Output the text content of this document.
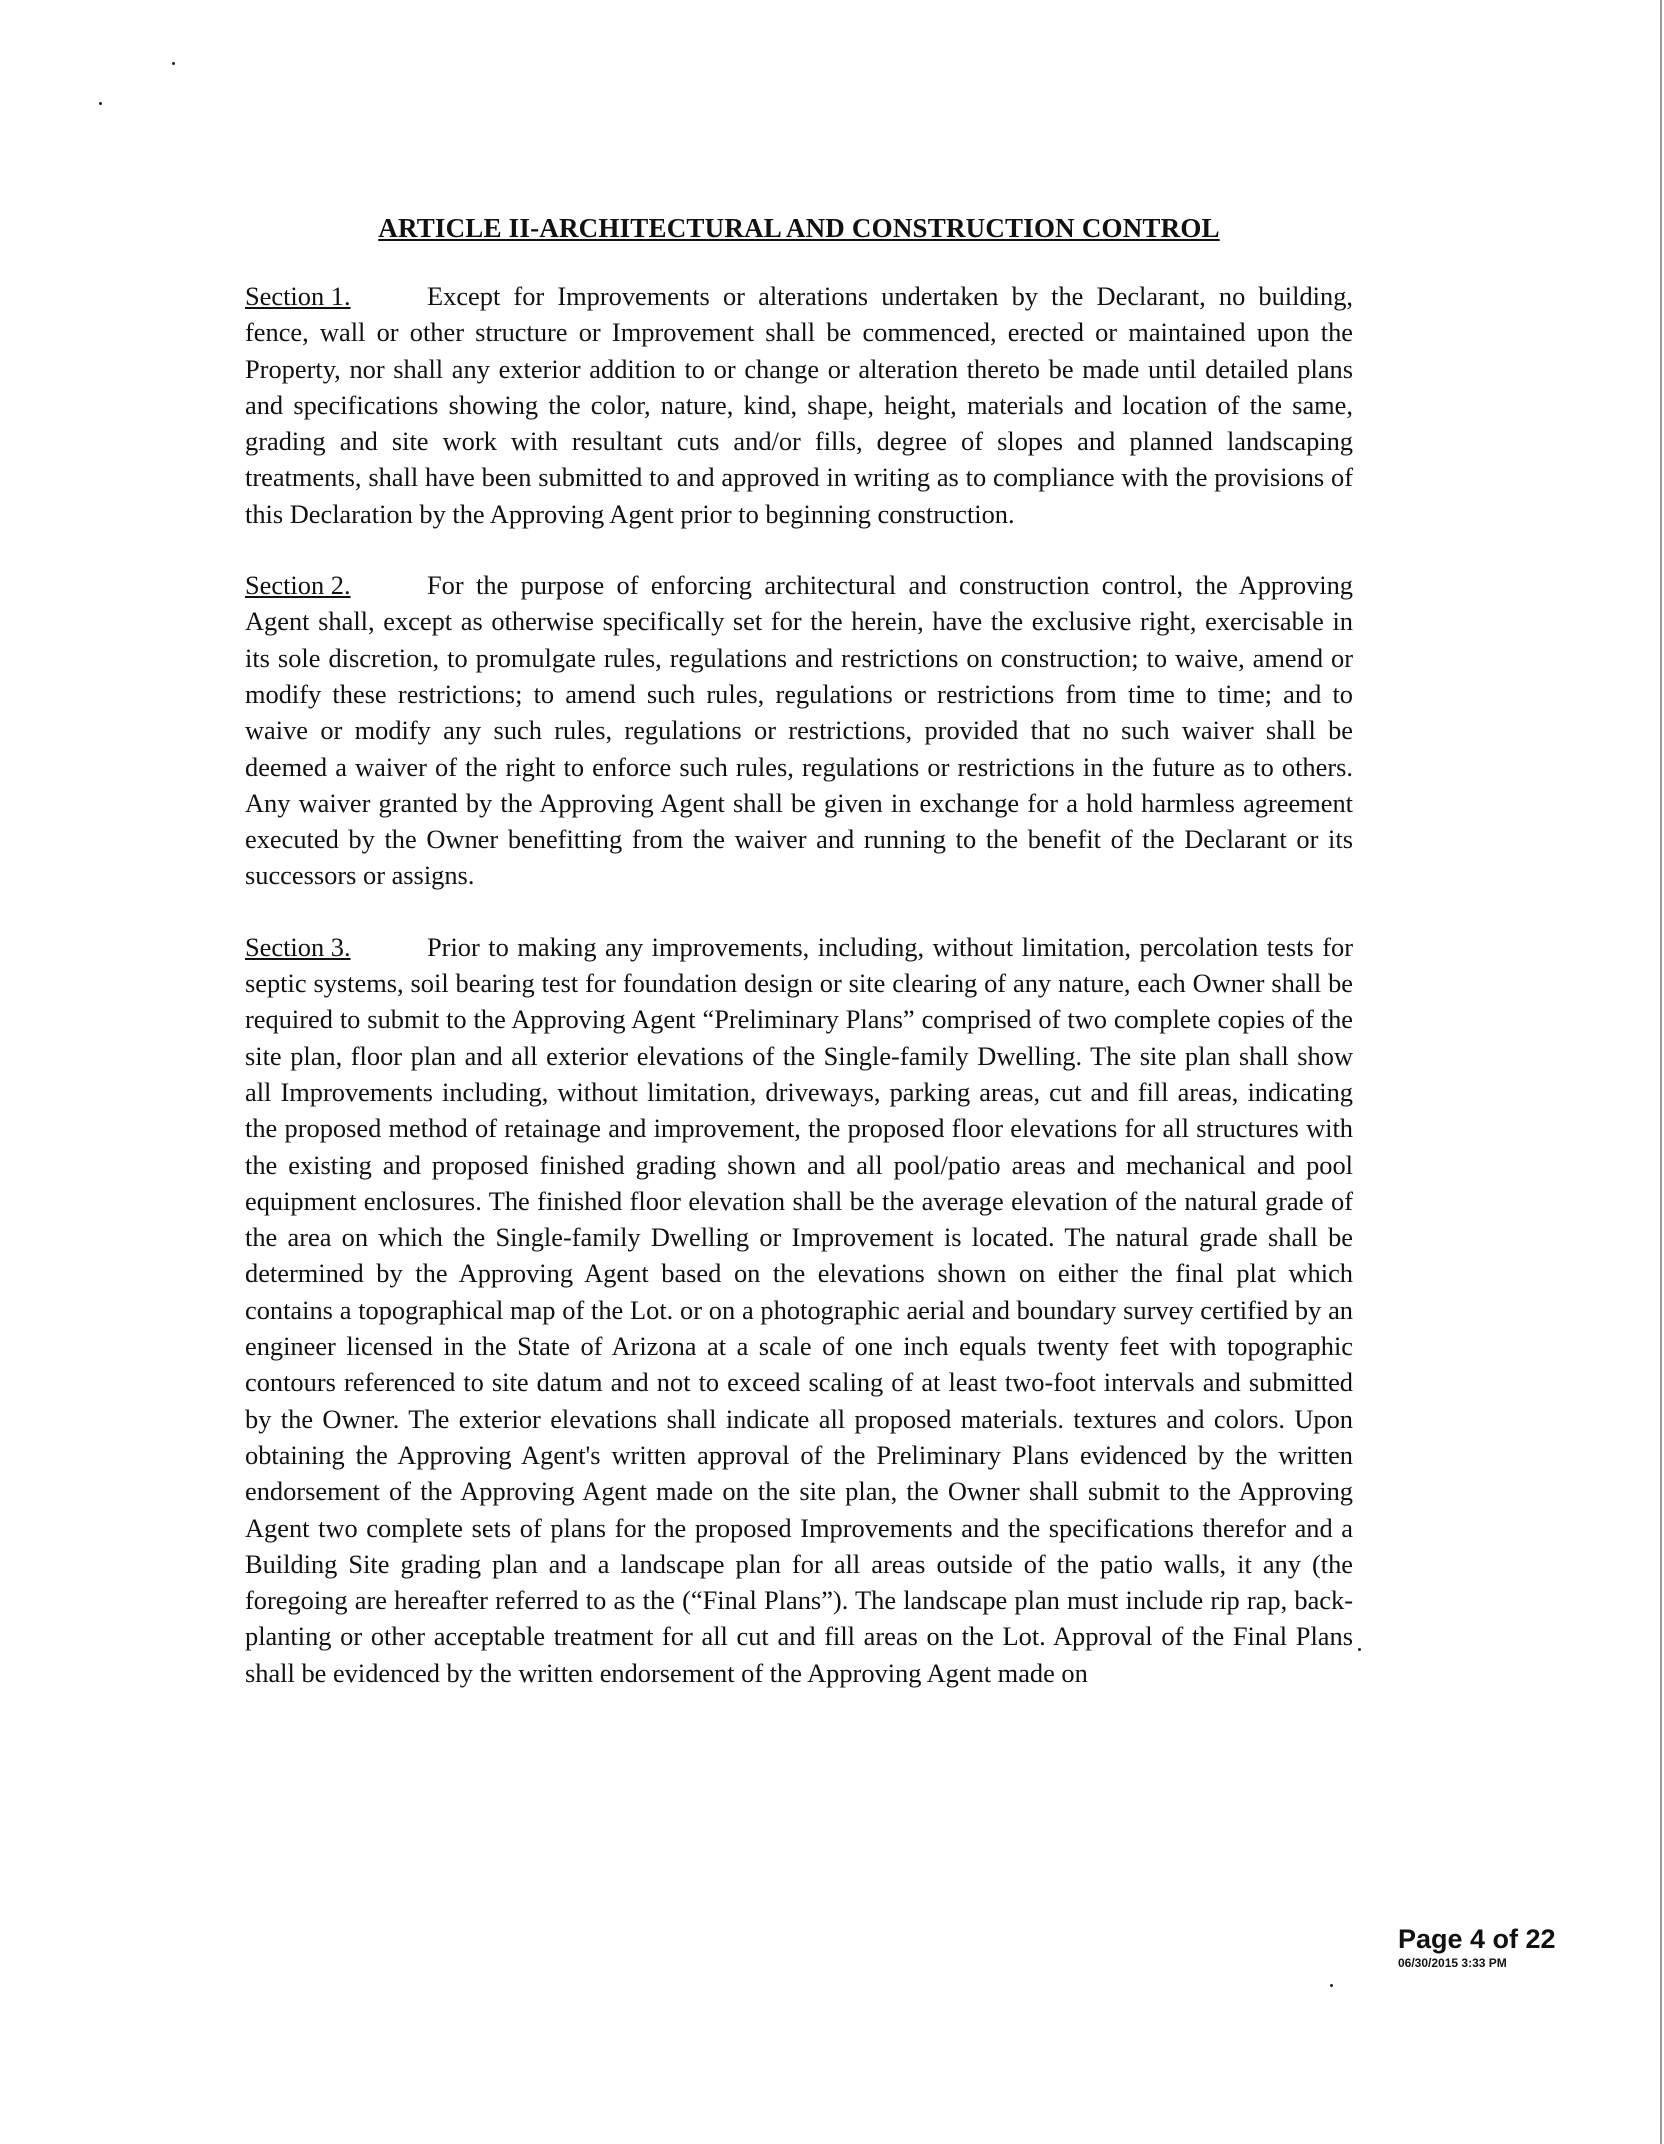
ARTICLE II-ARCHITECTURAL AND CONSTRUCTION CONTROL

Section 1.	Except for Improvements or alterations undertaken by the Declarant, no building, fence, wall or other structure or Improvement shall be commenced, erected or maintained upon the Property, nor shall any exterior addition to or change or alteration thereto be made until detailed plans and specifications showing the color, nature, kind, shape, height, materials and location of the same, grading and site work with resultant cuts and/or fills, degree of slopes and planned landscaping treatments, shall have been submitted to and approved in writing as to compliance with the provisions of this Declaration by the Approving Agent prior to beginning construction.

Section 2.	For the purpose of enforcing architectural and construction control, the Approving Agent shall, except as otherwise specifically set for the herein, have the exclusive right, exercisable in its sole discretion, to promulgate rules, regulations and restrictions on construction; to waive, amend or modify these restrictions; to amend such rules, regulations or restrictions from time to time; and to waive or modify any such rules, regulations or restrictions, provided that no such waiver shall be deemed a waiver of the right to enforce such rules, regulations or restrictions in the future as to others. Any waiver granted by the Approving Agent shall be given in exchange for a hold harmless agreement executed by the Owner benefitting from the waiver and running to the benefit of the Declarant or its successors or assigns.

Section 3.	Prior to making any improvements, including, without limitation, percolation tests for septic systems, soil bearing test for foundation design or site clearing of any nature, each Owner shall be required to submit to the Approving Agent “Preliminary Plans” comprised of two complete copies of the site plan, floor plan and all exterior elevations of the Single-family Dwelling. The site plan shall show all Improvements including, without limitation, driveways, parking areas, cut and fill areas, indicating the proposed method of retainage and improvement, the proposed floor elevations for all structures with the existing and proposed finished grading shown and all pool/patio areas and mechanical and pool equipment enclosures. The finished floor elevation shall be the average elevation of the natural grade of the area on which the Single-family Dwelling or Improvement is located. The natural grade shall be determined by the Approving Agent based on the elevations shown on either the final plat which contains a topographical map of the Lot. or on a photographic aerial and boundary survey certified by an engineer licensed in the State of Arizona at a scale of one inch equals twenty feet with topographic contours referenced to site datum and not to exceed scaling of at least two-foot intervals and submitted by the Owner. The exterior elevations shall indicate all proposed materials. textures and colors. Upon obtaining the Approving Agent's written approval of the Preliminary Plans evidenced by the written endorsement of the Approving Agent made on the site plan, the Owner shall submit to the Approving Agent two complete sets of plans for the proposed Improvements and the specifications therefor and a Building Site grading plan and a landscape plan for all areas outside of the patio walls, it any (the foregoing are hereafter referred to as the (“Final Plans”). The landscape plan must include rip rap, back-planting or other acceptable treatment for all cut and fill areas on the Lot. Approval of the Final Plans shall be evidenced by the written endorsement of the Approving Agent made on

Page 4 of 22
06/30/2015 3:33 PM
